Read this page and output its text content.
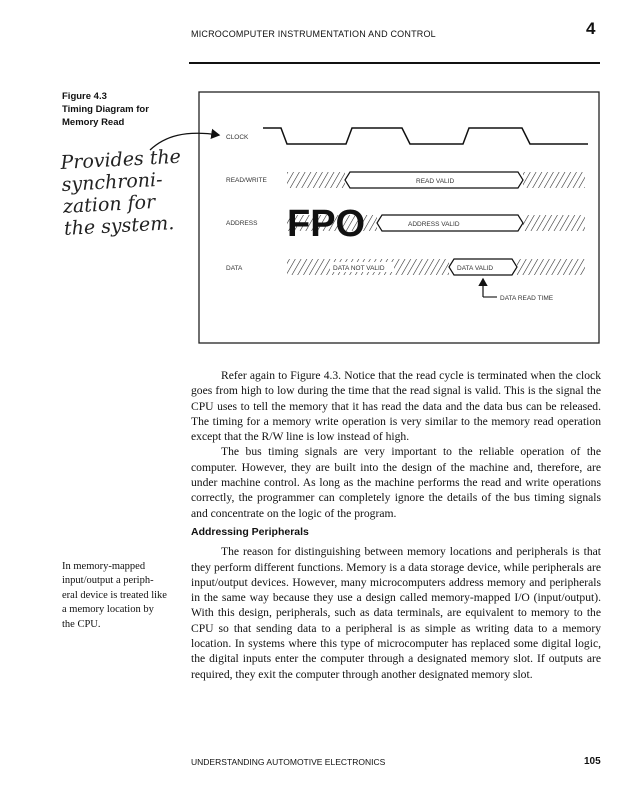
MICROCOMPUTER INSTRUMENTATION AND CONTROL	4
Figure 4.3
Timing Diagram for
Memory Read
Provides the
synchroni-
zation for
the system.
CLOCK
READ/WRITE	READ VALID
ADDRESS	ADDRESS VALID
DATA	DATA NOT VALID	DATA VALID
DATA READ TIME
FPO

Refer again to Figure 4.3. Notice that the read cycle is terminated when the clock goes from high to low during the time that the read signal is valid. This is the signal the CPU uses to tell the memory that it has read the data and the data bus can be released. The timing for a memory write operation is very similar to the memory read operation except that the R/W line is low instead of high.

The bus timing signals are very important to the reliable operation of the computer. However, they are built into the design of the machine and, therefore, are under machine control. As long as the machine performs the read and write operations correctly, the programmer can completely ignore the details of the bus timing signals and concentrate on the logic of the program.

Addressing Peripherals

The reason for distinguishing between memory locations and peripherals is that they perform different functions. Memory is a data storage device, while peripherals are input/output devices. However, many microcomputers address memory and peripherals in the same way because they use a design called memory-mapped I/O (input/output). With this design, peripherals, such as data terminals, are equivalent to memory to the CPU so that sending data to a peripheral is as simple as writing data to a memory location. In systems where this type of microcomputer has replaced some digital logic, the digital inputs enter the computer through a designated memory slot. If outputs are required, they exit the computer through another designated memory slot.

In memory-mapped
input/output a periph-
eral device is treated like
a memory location by
the CPU.
UNDERSTANDING AUTOMOTIVE ELECTRONICS	105
